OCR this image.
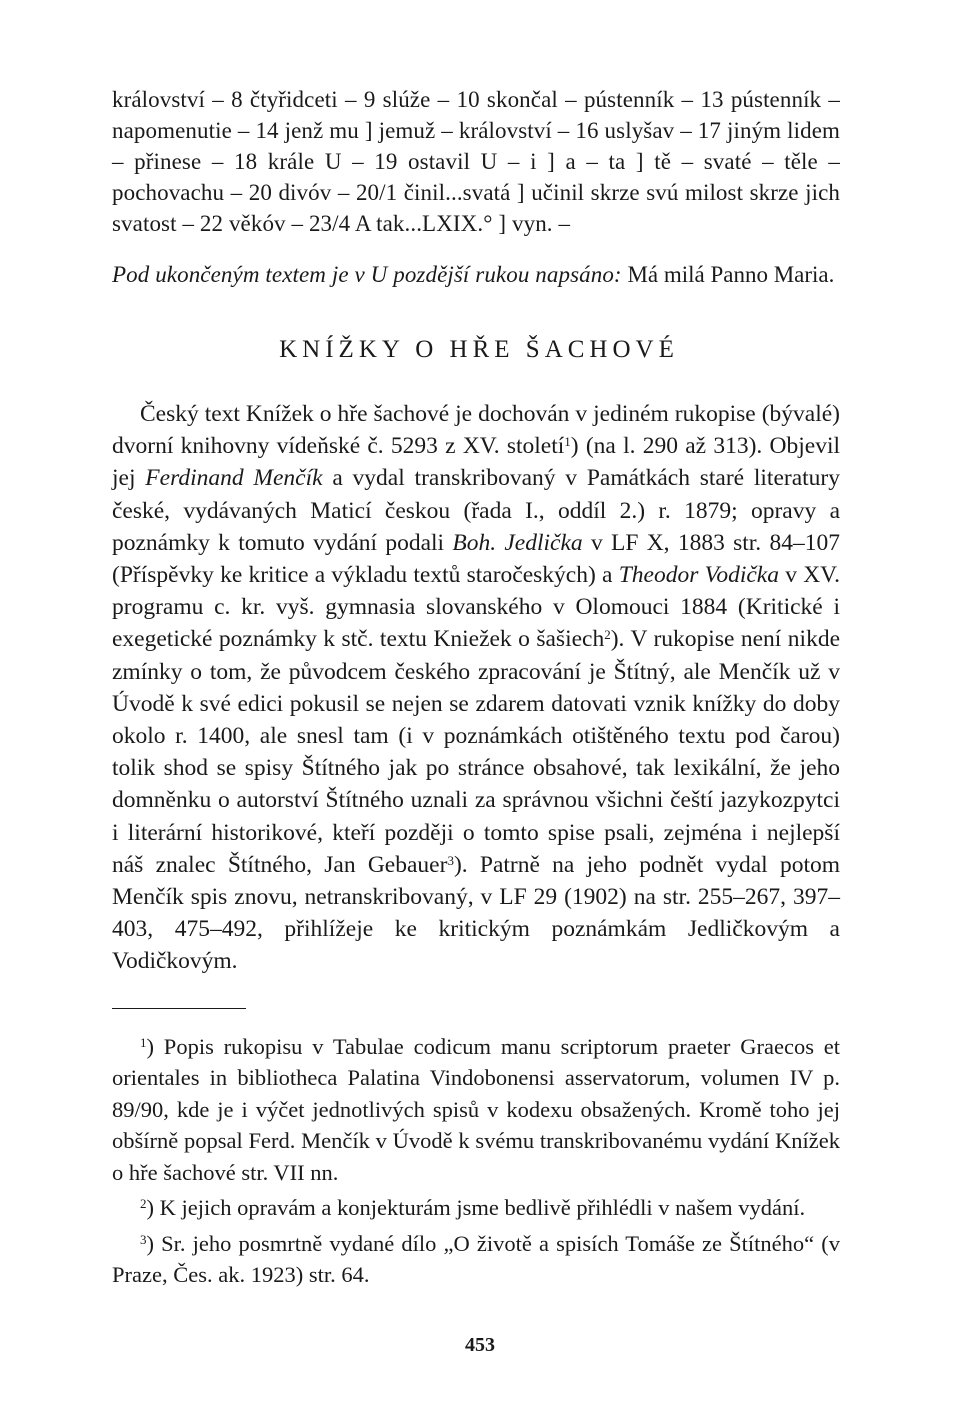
království – 8 čtyřidceti – 9 slúže – 10 skončal – pústenník – 13 pústenník – napomenutie – 14 jenž mu ] jemuž – království – 16 uslyšav – 17 jiným lidem – přinese – 18 krále U – 19 ostavil U – i ] a – ta ] tě – svaté – těle – pochovachu – 20 divóv – 20/1 činil...svatá ] učinil skrze svú milost skrze jich svatost – 22 věkóv – 23/4 A tak...LXIX.° ] vyn. –

Pod ukončeným textem je v U pozdější rukou napsáno: Má milá Panno Maria.
KNÍŽKY O HŘE ŠACHOVÉ

Český text Knížek o hře šachové je dochován v jediném rukopise (bývalé) dvorní knihovny vídeňské č. 5293 z XV. století$^1$) (na l. 290 až 313). Objevil jej Ferdinand Menčík a vydal transkribovaný v Památkách staré literatury české, vydávaných Maticí českou (řada I., oddíl 2.) r. 1879; opravy a poznámky k tomuto vydání podali Boh. Jedlička v LF X, 1883 str. 84–107 (Příspěvky ke kritice a výkladu textů staročeských) a Theodor Vodička v XV. programu c. kr. vyš. gymnasia slovanského v Olomouci 1884 (Kritické i exegetické poznámky k stč. textu Kniežek o šašiech$^2$). V rukopise není nikde zmínky o tom, že původcem českého zpracování je Štítný, ale Menčík už v Úvodě k své edici pokusil se nejen se zdarem datovati vznik knížky do doby okolo r. 1400, ale snesl tam (i v poznámkách otištěného textu pod čarou) tolik shod se spisy Štítného jak po stránce obsahové, tak lexikální, že jeho domněnku o autorství Štítného uznali za správnou všichni čeští jazykozpytci i literární historikové, kteří později o tomto spise psali, zejména i nejlepší náš znalec Štítného, Jan Gebauer$^3$). Patrně na jeho podnět vydal potom Menčík spis znovu, netranskribovaný, v LF 29 (1902) na str. 255–267, 397–403, 475–492, přihlížeje ke kritickým poznámkám Jedličkovým a Vodičkovým.

$^1$) Popis rukopisu v Tabulae codicum manu scriptorum praeter Graecos et orientales in bibliotheca Palatina Vindobonensi asservatorum, volumen IV p. 89/90, kde je i výčet jednotlivých spisů v kodexu obsažených. Kromě toho jej obšírně popsal Ferd. Menčík v Úvodě k svému transkribovanému vydání Knížek o hře šachové str. VII nn.

$^2$) K jejich opravám a konjekturám jsme bedlivě přihlédli v našem vydání.

$^3$) Sr. jeho posmrtně vydané dílo „O životě a spisích Tomáše ze Štítného“ (v Praze, Čes. ak. 1923) str. 64.

453
